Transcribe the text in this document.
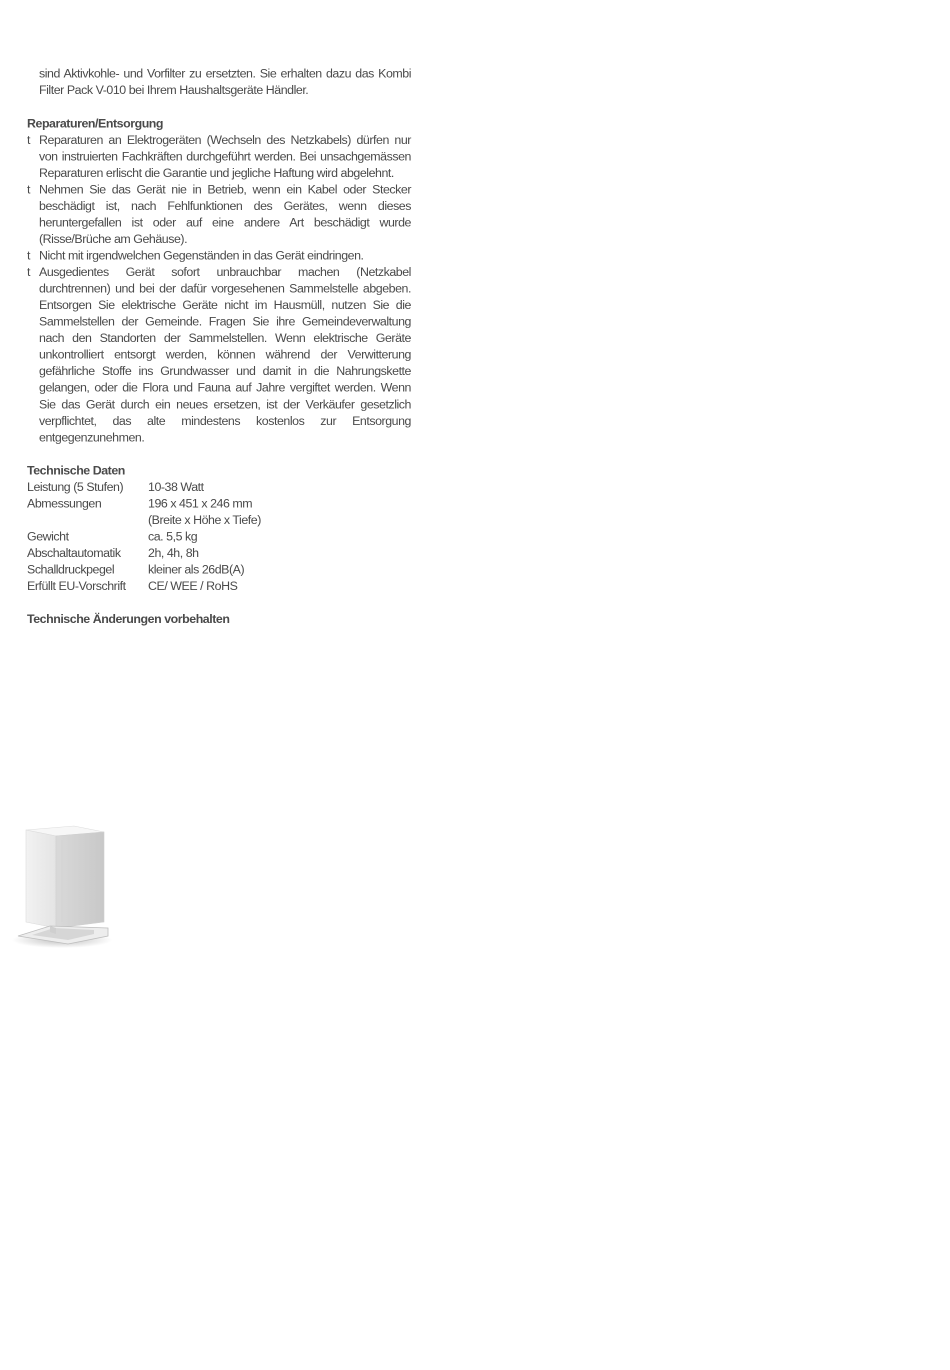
sind Aktivkohle- und Vorfilter zu ersetzten. Sie erhalten dazu das Kombi Filter Pack V-010 bei Ihrem Haushaltsgeräte Händler.

Reparaturen/Entsorgung
t Reparaturen an Elektrogeräten (Wechseln des Netzkabels) dürfen nur von instruierten Fachkräften durchgeführt werden. Bei unsachgemässen Reparaturen erlischt die Garantie und jegliche Haftung wird abgelehnt.
t Nehmen Sie das Gerät nie in Betrieb, wenn ein Kabel oder Stecker beschädigt ist, nach Fehlfunktionen des Gerätes, wenn dieses heruntergefallen ist oder auf eine andere Art beschädigt wurde (Risse/Brüche am Gehäuse).
t Nicht mit irgendwelchen Gegenständen in das Gerät eindringen.
t Ausgedientes Gerät sofort unbrauchbar machen (Netzkabel durchtrennen) und bei der dafür vorgesehenen Sammelstelle abgeben. Entsorgen Sie elektrische Geräte nicht im Hausmüll, nutzen Sie die Sammelstellen der Gemeinde. Fragen Sie ihre Gemeindeverwaltung nach den Standorten der Sammelstellen. Wenn elektrische Geräte unkontrolliert entsorgt werden, können während der Verwitterung gefährliche Stoffe ins Grundwasser und damit in die Nahrungskette gelangen, oder die Flora und Fauna auf Jahre vergiftet werden. Wenn Sie das Gerät durch ein neues ersetzen, ist der Verkäufer gesetzlich verpflichtet, das alte mindestens kostenlos zur Entsorgung entgegenzunehmen.
Technische Daten
Leistung (5 Stufen)	10-38 Watt
Abmessungen	196 x 451 x 246 mm
	(Breite x Höhe x Tiefe)
Gewicht	ca. 5,5 kg
Abschaltautomatik	2h, 4h, 8h
Schalldruckpegel	kleiner als 26dB(A)
Erfüllt EU-Vorschrift	CE/ WEE / RoHS
Technische Änderungen vorbehalten
